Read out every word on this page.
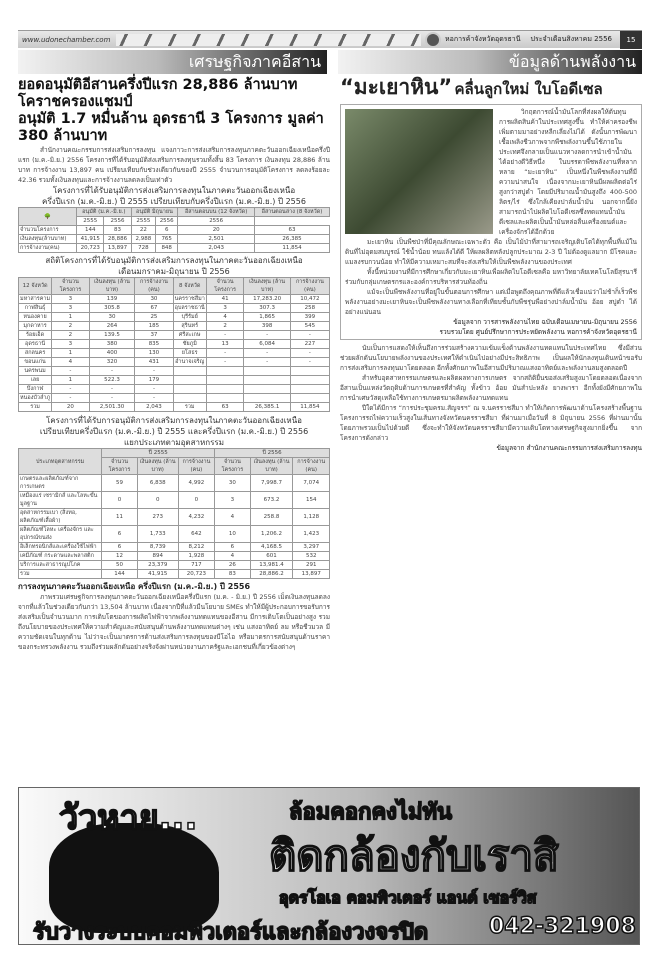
www.udonechamber.com	หอการค้าจังหวัดอุดรธานี	ประจำเดือนสิงหาคม 2556	15
เศรษฐกิจภาคอีสาน	ข้อมูลด้านพลังงาน
ยอดอนุมัติอีสานครึ่งปีแรก 28,886 ล้านบาท โคราชครองแชมป์
อนุมัติ 1.7 หมื่นล้าน อุดรธานี 3 โครงการ มูลค่า 380 ล้านบาท

สำนักงานคณะกรรมการส่งเสริมการลงทุน แจงภาวะการส่งเสริมการลงทุนภาคตะวันออกเฉียงเหนือครึ่งปีแรก (ม.ค.-มิ.ย.) 2556 โครงการที่ได้รับอนุมัติส่งเสริมการลงทุนรวมทั้งสิ้น 83 โครงการ เงินลงทุน 28,886 ล้านบาท การจ้างงาน 13,897 คน เปรียบเทียบกับช่วงเดียวกันของปี 2555 จำนวนการอนุมัติโครงการ ลดลงร้อยละ 42.36 รวมทั้งเงินลงทุนและการจ้างงานลดลงเป็นเท่าตัว

โครงการที่ได้รับอนุมัติการส่งเสริมการลงทุนในภาคตะวันออกเฉียงเหนือ
ครึ่งปีแรก (ม.ค.-มิ.ย.) ปี 2555 เปรียบเทียบกับครึ่งปีแรก (ม.ค.-มิ.ย.) ปี 2556
🌳	อนุมัติ (ม.ค.-มิ.ย.)		อนุมัติ มิถุนายน		อีสานตอนบน (12 จังหวัด)	อีสานตอนล่าง (8 จังหวัด)
	2555	2556	2555	2556	2556	
จำนวนโครงการ	144	83	22	6	20	63
เงินลงทุน(ล้านบาท)	41,915	28,886	2,988	765	2,501	26,385
การจ้างงาน(คน)	20,723	13,897	728	848	2,043	11,854
สถิติโครงการที่ได้รับอนุมัติการส่งเสริมการลงทุนในภาคตะวันออกเฉียงเหนือ
เดือนมกราคม-มิถุนายน ปี 2556
12 จังหวัด	จำนวนโครงการ	เงินลงทุน (ล้านบาท)	การจ้างงาน (คน)	8 จังหวัด	จำนวนโครงการ	เงินลงทุน (ล้านบาท)	การจ้างงาน (คน)
มหาสารคาม	3	139	30	นครราชสีมา	41	17,283.20	10,472
กาฬสินธุ์	3	305.8	67	อุบลราชธานี	3	307.3	258
หนองคาย	1	30	25	บุรีรัมย์	4	1,865	399
มุกดาหาร	2	264	185	สุรินทร์	2	398	545
ร้อยเอ็ด	2	139.5	37	ศรีสะเกษ	-	-	-
อุดรธานี	3	380	835	ชัยภูมิ	13	6,084	227
สกลนคร	1	400	130	ยโสธร	-	-	-
ขอนแก่น	4	320	431	อำนาจเจริญ	-	-	-
นครพนม	-	-	-				
เลย	1	522.3	179				
บึงกาฬ	-	-	-				
หนองบัวลำภู	-	-	-				
รวม	20	2,501.30	2,043	รวม	63	26,385.1	11,854
โครงการที่ได้รับการอนุมัติการส่งเสริมการลงทุนในภาคตะวันออกเฉียงเหนือ
เปรียบเทียบครึ่งปีแรก (ม.ค.-มิ.ย.) ปี 2555 และครึ่งปีแรก (ม.ค.-มิ.ย.) ปี 2556
แยกประเภทตามอุตสาหกรรม
ประเภทอุตสาหกรรม	ปี 2555			ปี 2556		
	จำนวนโครงการ	เงินลงทุน (ล้านบาท)	การจ้างงาน (คน)	จำนวนโครงการ	เงินลงทุน (ล้านบาท)	การจ้างงาน (คน)
เกษตรและผลิตภัณฑ์จากการเกษตร	59	6,838	4,992	30	7,998.7	7,074
เหมืองแร่ เซรามิกส์ และโลหะขั้นมูลฐาน	0	0	0	3	673.2	154
อุตสาหกรรมเบา (สิ่งทอ, ผลิตภัณฑ์เสื้อผ้า)	11	273	4,232	4	258.8	1,128
ผลิตภัณฑ์โลหะ เครื่องจักร และอุปกรณ์ขนส่ง	6	1,733	642	10	1,206.2	1,423
อิเล็กทรอนิกส์และเครื่องใช้ไฟฟ้า	6	8,739	8,212	6	4,168.5	3,297
เคมีภัณฑ์ กระดาษและพลาสติก	12	894	1,928	4	601	532
บริการและสาธารณูปโภค	50	23,379	717	26	13,981.4	291
รวม	144	41,915	20,723	83	28,886.2	13,897
การลงทุนภาคตะวันออกเฉียงเหนือ ครึ่งปีแรก (ม.ค.-มิ.ย.) ปี 2556

ภาพรวมเศรษฐกิจการลงทุนภาคตะวันออกเฉียงเหนือครึ่งปีแรก (ม.ค. - มิ.ย.) ปี 2556 เม็ดเงินลงทุนลดลงจากที่แล้วในช่วงเดียวกันกว่า 13,504 ล้านบาท เนื่องจากปีที่แล้วมีนโยบาย SMEs ทำให้มีผู้ประกอบการขอรับการส่งเสริมเป็นจำนวนมาก การเติบโตของการผลิตไฟฟ้าจากพลังงานทดแทนของอีสาน มีการเติบโตเป็นอย่างสูง รวมถึงนโยบายของประเทศให้ความสำคัญและสนับสนุนด้านพลังงานทดแทนต่างๆ เช่น แสงอาทิตย์ ลม หรือชีวมวล มีความชัดเจนในทุกด้าน ไม่ว่าจะเป็นมาตรการด้านส่งเสริมการลงทุนของบีโอไอ หรือมาตรการสนับสนุนด้านราคาของกระทรวงพลังงาน รวมถึงร่วมผลักดันอย่างจริงจังผ่านหน่วยงานภาครัฐและเอกชนที่เกี่ยวข้องต่างๆ

“มะเยาหิน” คลื่นลูกใหม่ ใบโอดีเซล

วิกฤตการณ์น้ำมันโลกที่ส่งผลให้ต้นทุนการผลิตสินค้าในประเทศสูงขึ้น ทำให้ค่าครองชีพเพิ่มตามมาอย่างหลีกเลี่ยงไม่ได้ ดังนั้นการพัฒนาเชื้อเพลิงชีวภาพจากพืชพลังงานขึ้นใช้ภายในประเทศจึงกลายเป็นแนวทางลดการนำเข้าน้ำมันได้อย่างดีวิธีหนึ่ง ในบรรดาพืชพลังงานที่หลากหลาย “มะเยาหิน” เป็นหนึ่งในพืชพลังงานที่มีความน่าสนใจ เนื่องจากมะเยาหินมีผลผลิตต่อไร่สูงกว่าสบู่ดำ โดยมีปริมาณน้ำมันสูงถึง 400-500 ลิตร/ไร่ ซึ่งใกล้เคียงปาล์มน้ำมัน นอกจากนี้ยังสามารถนำไปผลิตไบโอดีเซลซึ่งทดแทนน้ำมันดีเซลและผลิตเป็นน้ำมันหล่อลื่นเครื่องยนต์และเครื่องจักรได้อีกด้วย

มะเยาหิน เป็นพืชป่าที่มีคุณลักษณะเฉพาะตัว คือ เป็นไม้ป่าที่สามารถเจริญเติบโตได้ทุกพื้นที่แม้ในดินที่ไม่อุดมสมบูรณ์ ใช้น้ำน้อย ทนแล้งได้ดี ให้ผลผลิตหลังปลูกประมาณ 2-3 ปี ไม่ต้องดูแลมาก มีโรคและแมลงรบกวนน้อย ทำให้มีความเหมาะสมที่จะส่งเสริมให้เป็นพืชพลังงานของประเทศ

ทั้งนี้หน่วยงานที่มีการศึกษาเกี่ยวกับมะเยาหินเพื่อผลิตไบโอดีเซลคือ มหาวิทยาลัยเทคโนโลยีสุรนารี ร่วมกับกลุ่มเกษตรกรและองค์การบริหารส่วนท้องถิ่น

แม้จะเป็นพืชพลังงานที่อยู่ในขั้นตอนการศึกษา แต่เมื่อพูดถึงคุณภาพที่ดีแล้วเชื่อแน่ว่าไม่ช้าก็เร็วพืชพลังงานอย่างมะเยาหินจะเป็นพืชพลังงานทางเลือกที่เทียบชั้นกับพืชรุ่นพี่อย่างปาล์มน้ำมัน อ้อย สบู่ดำ ได้อย่างแน่นอน

ข้อมูลจาก วารสารพลังงานไทย ฉบับเดือนเมษายน-มิถุนายน 2556
รวบรวมโดย ศูนย์ปรึกษาการประหยัดพลังงาน หอการค้าจังหวัดอุดรธานี

นับเป็นการแสดงให้เห็นถึงการร่วมสร้างความเข้มแข็งด้านพลังงานทดแทนในประเทศไทย ซึ่งมีส่วนช่วยผลักดันนโยบายพลังงานของประเทศให้ดำเนินไปอย่างมีประสิทธิภาพ เป็นผลให้นักลงทุนเดินหน้าขอรับการส่งเสริมการลงทุนมาโดยตลอด อีกทั้งศักยภาพในอีสานมีปริมาณแสงอาทิตย์และพลังงานลมสูงตลอดปี

สำหรับอุตสาหกรรมเกษตรและผลิตผลทางการเกษตร จากสถิติยื่นขอส่งเสริมสูงมาโดยตลอดเนื่องจากอีสานเป็นแหล่งวัตถุดิบด้านการเกษตรที่สำคัญ ทั้งข้าว อ้อย มันสำปะหลัง ยางพารา อีกทั้งยังมีศักยภาพในการนำเศษวัสดุเหลือใช้ทางการเกษตรมาผลิตพลังงานทดแทน

ปีใดได้มีการ “การประชุมครม.สัญจรฯ” ณ จ.นครราชสีมา ทำให้เกิดการพัฒนาด้านโครงสร้างพื้นฐาน โครงการรถไฟความเร็วสูงในเส้นทางจังหวัดนครราชสีมา ที่ผ่านมาเมื่อวันที่ 8 มิถุนายน 2556 ที่ผ่านมานั้น โดยภาพรวมเป็นไปด้วยดี ซึ่งจะทำให้จังหวัดนครราชสีมามีความเติบโตทางเศรษฐกิจสูงมากยิ่งขึ้น จากโครงการดังกล่าว

ข้อมูลจาก สำนักงานคณะกรรมการส่งเสริมการลงทุน
วัวหาย...	ล้อมคอกคงไม่ทัน
ติดกล้องกับเราสิ
อุดรโอเอ คอมพิวเตอร์ แอนด์ เซอร์วิส
รับวางระบบคอมพิวเตอร์และกล้องวงจรปิด	042-321908
